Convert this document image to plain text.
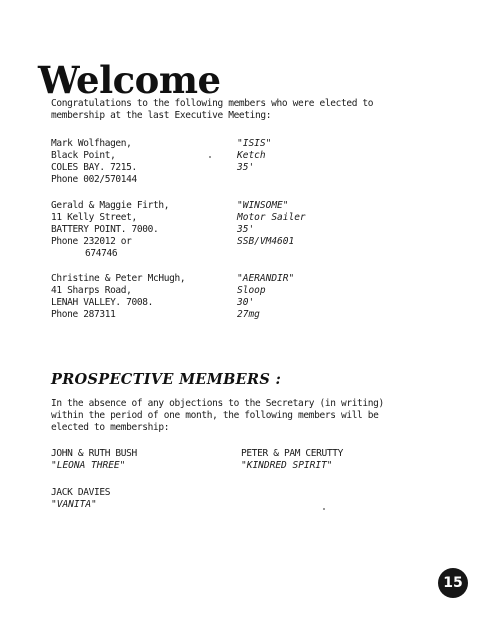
Welcome
Congratulations to the following members who were elected to
membership at the last Executive Meeting:
Mark Wolfhagen,
Black Point,
COLES BAY. 7215.
Phone 002/570144
"ISIS"
Ketch
35'
Gerald & Maggie Firth,
11 Kelly Street,
BATTERY POINT. 7000.
Phone 232012 or
674746
"WINSOME"
Motor Sailer
35'
SSB/VM4601
Christine & Peter McHugh,
41 Sharps Road,
LENAH VALLEY. 7008.
Phone 287311
"AERANDIR"
Sloop
30'
27mg
PROSPECTIVE MEMBERS :
In the absence of any objections to the Secretary (in writing)
within the period of one month, the following members will be
elected to membership:
JOHN & RUTH BUSH
"LEONA THREE"
PETER & PAM CERUTTY
"KINDRED SPIRIT"
JACK DAVIES
"VANITA"
15
